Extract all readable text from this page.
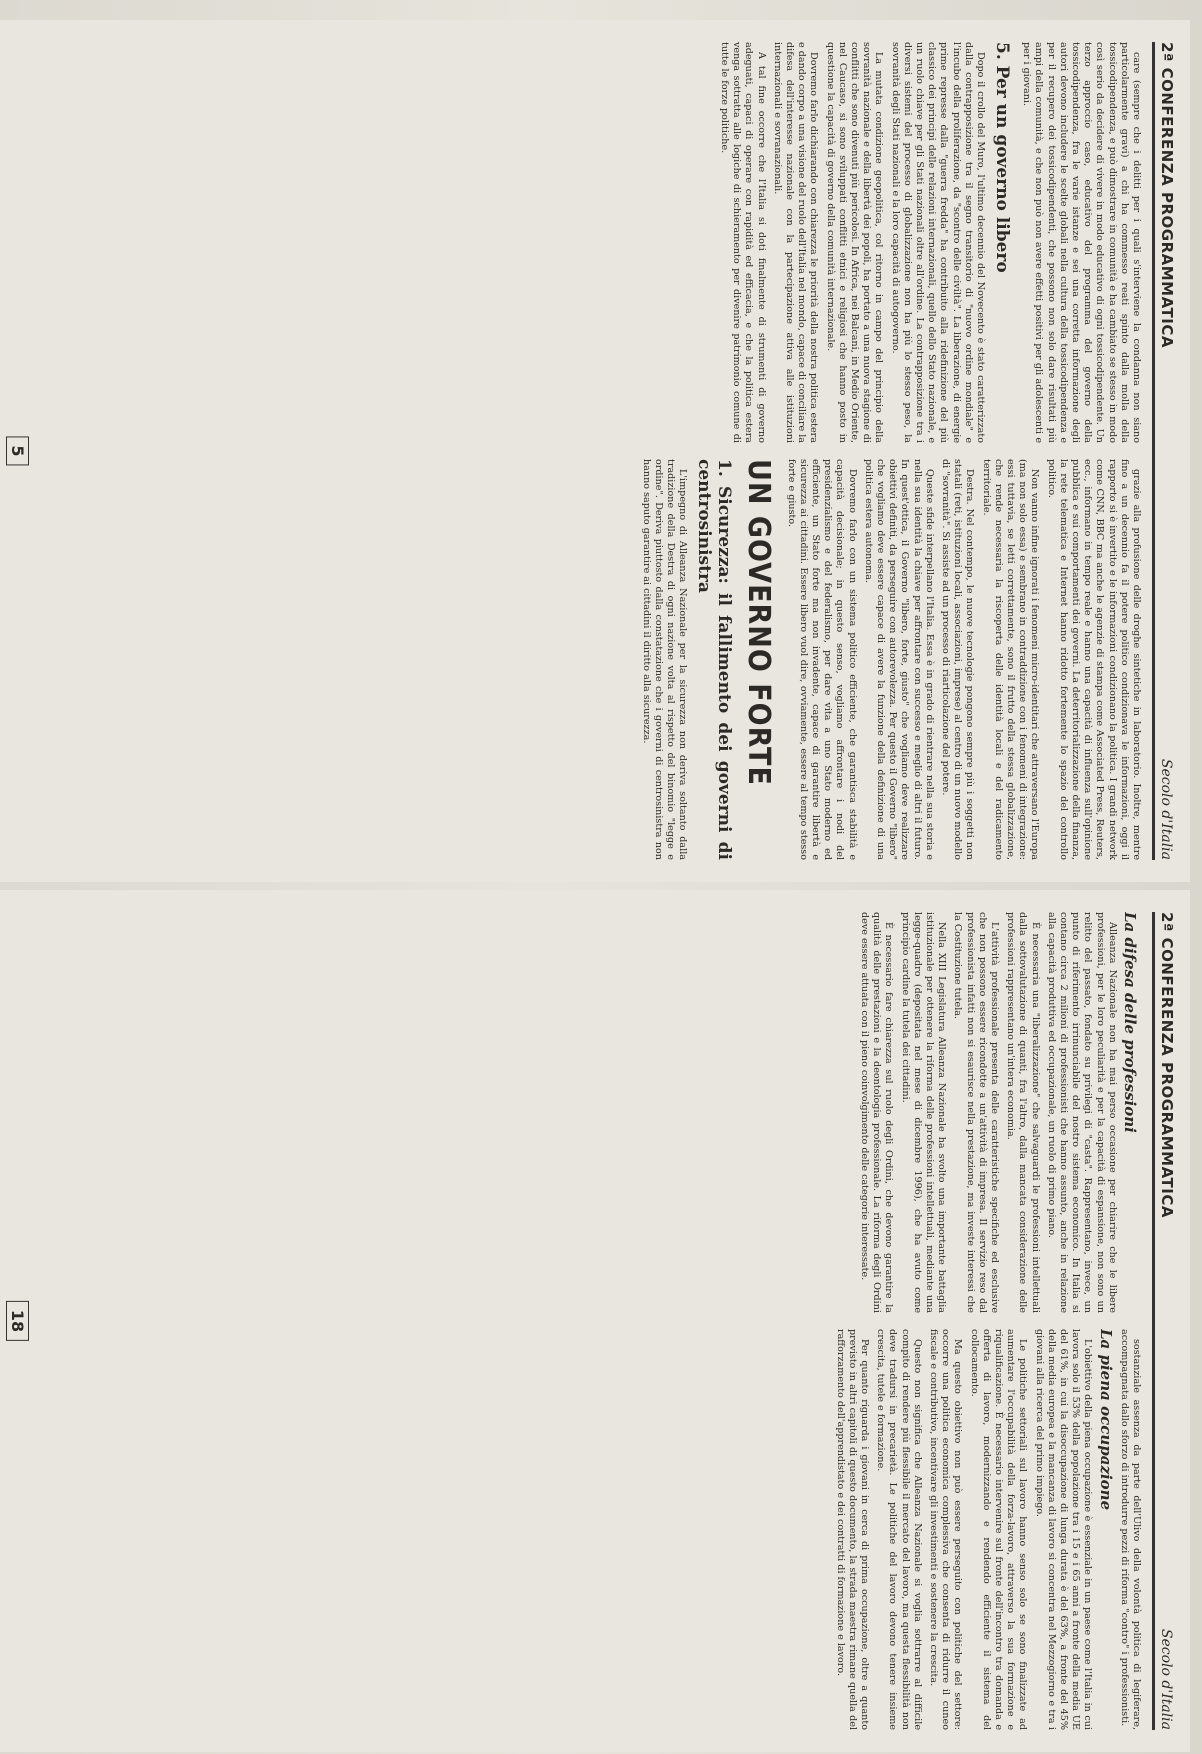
2ª CONFERENZA PROGRAMMATICA
Secolo d'Italia

care (sempre che i delitti per i quali s'interviene la condanna non siano particolarmente gravi) a chi ha commesso reati spinto dalla molla della tossicodipendenza, e può dimostrare in comunità e ha cambiato se stesso in modo così serio da decidere di vivere in modo educativo di ogni tossicodipendente. Un terzo approccio caso, educativo del programma del governo della tossicodipendenza, fra le varie istanze e sei una corretta informazione degli autori devono includere le scelte globali nella cultura della tossicodipendenza e per il recupero dei tossicodipendenti, che possono non solo dare risultati più ampi della comunità, e che non può non avere effetti positivi per gli adolescenti e per i giovani.

5. Per un governo libero

Dopo il crollo del Muro, l'ultimo decennio del Novecento è stato caratterizzato dalla contrapposizione tra il segno transitorio di "nuovo ordine mondiale" e l'incubo della proliferazione, da "scontro delle civiltà". La liberazione, di energie prime represse dalla "guerra fredda" ha contribuito alla ridefinizione del più classico dei principi delle relazioni internazionali, quello dello Stato nazionale, e un ruolo chiave per gli Stati nazionali oltre all'ordine. La contrapposizione tra i diversi sistemi del processo di globalizzazione non ha più lo stesso peso, la sovranità degli Stati nazionali e la loro capacità di autogoverno.

La mutata condizione geopolitica, col ritorno in campo del principio della sovranità nazionale e della libertà dei popoli, ha portato a una nuova stagione di conflitti che sono divenuti più pericolosi. In Africa, nei Balcani, in Medio Oriente, nel Caucaso, si sono sviluppati conflitti etnici e religiosi che hanno posto in questione la capacità di governo della comunità internazionale.

Dovremo farlo dichiarando con chiarezza le priorità della nostra politica estera e dando corpo a una visione del ruolo dell'Italia nel mondo, capace di conciliare la difesa dell'interesse nazionale con la partecipazione attiva alle istituzioni internazionali e sovranazionali.

A tal fine occorre che l'Italia si doti finalmente di strumenti di governo adeguati, capaci di operare con rapidità ed efficacia, e che la politica estera venga sottratta alle logiche di schieramento per divenire patrimonio comune di tutte le forze politiche.

grazie alla profusione delle droghe sintetiche in laboratorio. Inoltre, mentre fino a un decennio fa il potere politico condizionava le informazioni, oggi il rapporto si è invertito e le informazioni condizionano la politica. I grandi network come CNN, BBC ma anche le agenzie di stampa come Associated Press, Reuters, ecc., informano in tempo reale e hanno una capacità di influenza sull'opinione pubblica e sui comportamenti dei governi. La deterritorializzazione della finanza, la rete telematica e Internet hanno ridotto fortemente lo spazio del controllo politico.

Non vanno infine ignorati i fenomeni micro-identitari che attraversano l'Europa (ma non solo essa) e sembrano in contraddizione con i fenomeni di integrazione: essi tuttavia, se letti correttamente, sono il frutto della stessa globalizzazione, che rende necessaria la riscoperta delle identità locali e del radicamento territoriale.

Destra. Nel contempo, le nuove tecnologie pongono sempre più i soggetti non statali (reti, istituzioni locali, associazioni, imprese) al centro di un nuovo modello di "sovranità". Si assiste ad un processo di riarticolazione del potere.

Queste sfide interpellano l'Italia. Essa è in grado di rientrare nella sua storia e nella sua identità la chiave per affrontare con successo e meglio di altri il futuro. In quest'ottica, il Governo "libero, forte, giusto" che vogliamo deve realizzare obiettivi definiti, da perseguire con autorevolezza. Per questo il Governo "libero" che vogliamo deve essere capace di avere la funzione della definizione di una politica estera autonoma.

Dovremo farlo con un sistema politico efficiente, che garantisca stabilità e capacità decisionale; in questo senso, vogliamo affrontare i nodi del presidenzialismo e del federalismo, per dare vita a uno Stato moderno ed efficiente, un Stato forte ma non invadente, capace di garantire libertà e sicurezza ai cittadini. Essere libero vuol dire, ovviamente, essere al tempo stesso forte e giusto.

UN GOVERNO FORTE
1. Sicurezza: il fallimento dei governi di centrosinistra

L'impegno di Alleanza Nazionale per la sicurezza non deriva soltanto dalla tradizione della Destra di ogni nazione volta al rispetto del binomio "legge e ordine". Deriva piuttosto dalla constatazione che i governi di centrosinistra non hanno saputo garantire ai cittadini il diritto alla sicurezza.

5
2ª CONFERENZA PROGRAMMATICA
Secolo d'Italia
La difesa delle professioni

Alleanza Nazionale non ha mai perso occasione per chiarire che le libere professioni, per le loro peculiarità e per la capacità di espansione, non sono un relitto del passato, fondato su privilegi di "casta". Rappresentano, invece, un punto di riferimento irrinunciabile del nostro sistema economico. In Italia si contano circa 2 milioni di professionisti che hanno assunto, anche in relazione alla capacità produttiva ed occupazionale, un ruolo di primo piano.

È necessaria una "liberalizzazione" che salvaguardi le professioni intellettuali dalla sottovalutazione di quanti, fra l'altro, dalla mancata considerazione delle professioni rappresentano un'intera economia.

L'attività professionale presenta delle caratteristiche specifiche ed esclusive che non possono essere ricondotte a un'attività di impresa. Il servizio reso dal professionista infatti non si esaurisce nella prestazione, ma investe interessi che la Costituzione tutela.

Nella XIII Legislatura Alleanza Nazionale ha svolto una importante battaglia istituzionale per ottenere la riforma delle professioni intellettuali, mediante una legge-quadro (depositata nel mese di dicembre 1996), che ha avuto come principio cardine la tutela dei cittadini.

È necessario fare chiarezza sul ruolo degli Ordini, che devono garantire la qualità delle prestazioni e la deontologia professionale. La riforma degli Ordini deve essere attuata con il pieno coinvolgimento delle categorie interessate.

sostanziale assenza da parte dell'Ulivo della volontà politica di legiferare, accompagnata dallo sforzo di introdurre pezzi di riforma "contro" i professionisti.

La piena occupazione

L'obiettivo della piena occupazione è essenziale in un paese come l'Italia in cui lavora solo il 53% della popolazione tra i 15 e i 65 anni a fronte della media UE del 61%, in cui la disoccupazione di lunga durata è del 63%, a fronte del 45% della media europea e la mancanza di lavoro si concentra nel Mezzogiorno e tra i giovani alla ricerca del primo impiego.

Le politiche settoriali sul lavoro hanno senso solo se sono finalizzate ad aumentare l'occupabilità della forza-lavoro, attraverso la sua formazione e riqualificazione. È necessario intervenire sul fronte dell'incontro tra domanda e offerta di lavoro, modernizzando e rendendo efficiente il sistema del collocamento.

Ma questo obiettivo non può essere perseguito con politiche del settore: occorre una politica economica complessiva che consenta di ridurre il cuneo fiscale e contributivo, incentivare gli investimenti e sostenere la crescita.

Questo non significa che Alleanza Nazionale si voglia sottrarre al difficile compito di rendere più flessibile il mercato del lavoro, ma questa flessibilità non deve tradursi in precarietà. Le politiche del lavoro devono tenere insieme crescita, tutele e formazione.

Per quanto riguarda i giovani in cerca di prima occupazione, oltre a quanto previsto in altri capitoli di questo documento, la strada maestra rimane quella del rafforzamento dell'apprendistato e dei contratti di formazione e lavoro.

18
